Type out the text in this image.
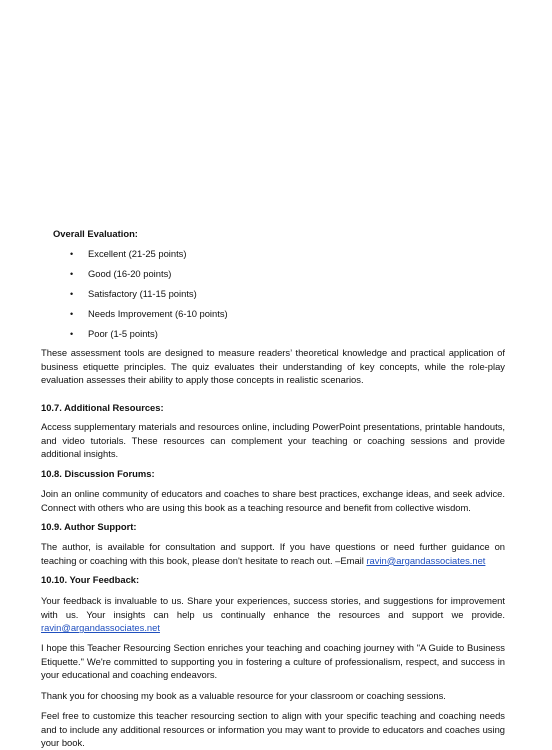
Overall Evaluation:
• Excellent (21-25 points)
• Good (16-20 points)
• Satisfactory (11-15 points)
• Needs Improvement (6-10 points)
• Poor (1-5 points)

These assessment tools are designed to measure readers’ theoretical knowledge and practical application of business etiquette principles. The quiz evaluates their understanding of key concepts, while the role-play evaluation assesses their ability to apply those concepts in realistic scenarios.

10.7. Additional Resources:

Access supplementary materials and resources online, including PowerPoint presentations, printable handouts, and video tutorials. These resources can complement your teaching or coaching sessions and provide additional insights.

10.8. Discussion Forums:

Join an online community of educators and coaches to share best practices, exchange ideas, and seek advice. Connect with others who are using this book as a teaching resource and benefit from collective wisdom.

10.9. Author Support:

The author, is available for consultation and support. If you have questions or need further guidance on teaching or coaching with this book, please don't hesitate to reach out. –Email ravin@argandassociates.net

10.10. Your Feedback:

Your feedback is invaluable to us. Share your experiences, success stories, and suggestions for improvement with us. Your insights can help us continually enhance the resources and support we provide. ravin@argandassociates.net

I hope this Teacher Resourcing Section enriches your teaching and coaching journey with "A Guide to Business Etiquette." We're committed to supporting you in fostering a culture of professionalism, respect, and success in your educational and coaching endeavors.

Thank you for choosing my book as a valuable resource for your classroom or coaching sessions.

Feel free to customize this teacher resourcing section to align with your specific teaching and coaching needs and to include any additional resources or information you may want to provide to educators and coaches using your book.
